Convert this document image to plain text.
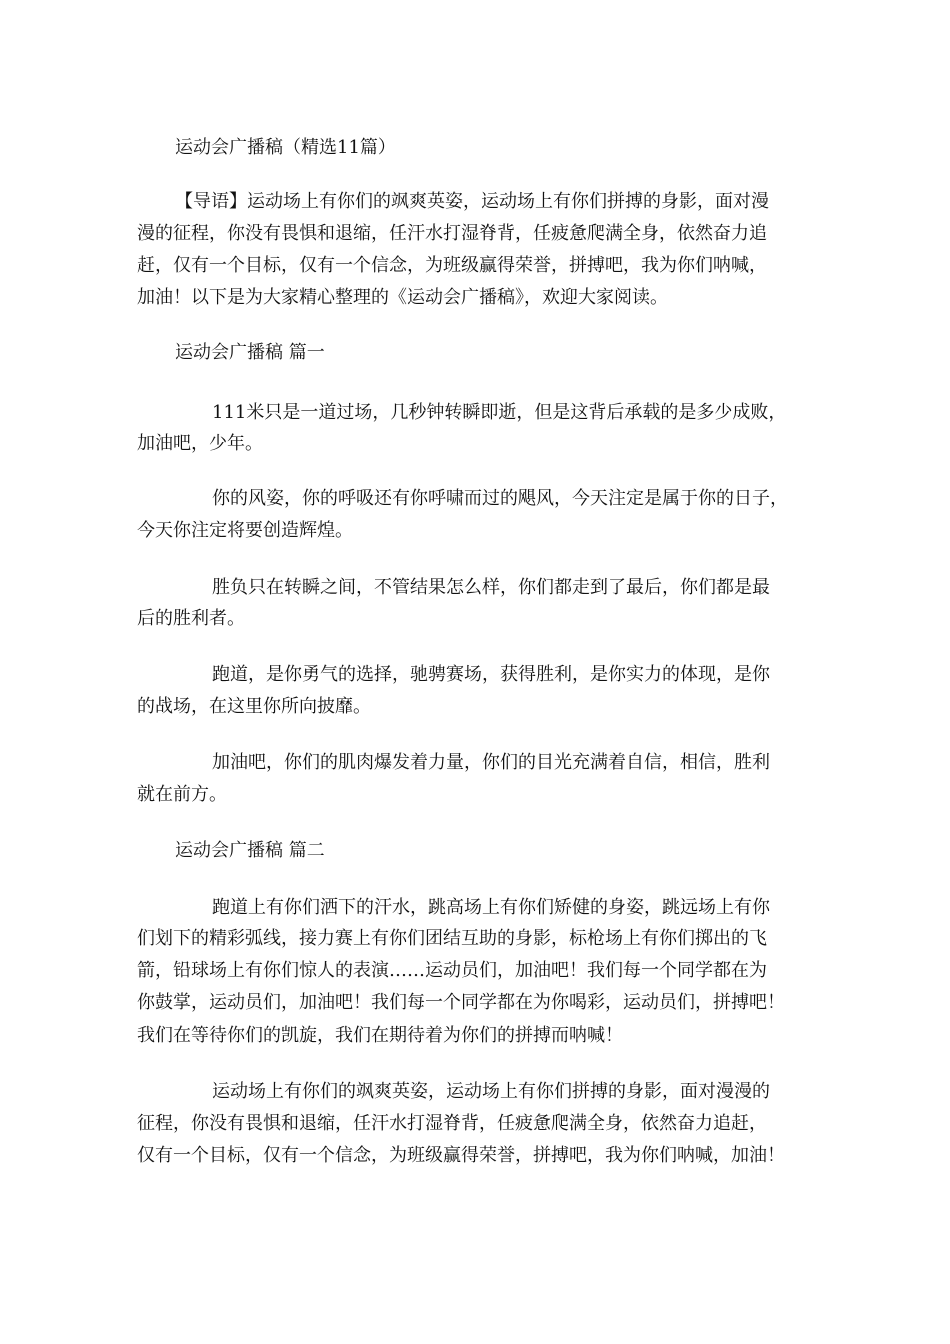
运动会广播稿（精选11篇）

【导语】运动场上有你们的飒爽英姿，运动场上有你们拼搏的身影，面对漫

漫的征程，你没有畏惧和退缩，任汗水打湿脊背，任疲惫爬满全身，依然奋力追

赶，仅有一个目标，仅有一个信念，为班级赢得荣誉，拼搏吧，我为你们呐喊，

加油！以下是为大家精心整理的《运动会广播稿》，欢迎大家阅读。

运动会广播稿 篇一

111米只是一道过场，几秒钟转瞬即逝，但是这背后承载的是多少成败，

加油吧，少年。

你的风姿，你的呼吸还有你呼啸而过的飓风，今天注定是属于你的日子，

今天你注定将要创造辉煌。

胜负只在转瞬之间，不管结果怎么样，你们都走到了最后，你们都是最

后的胜利者。

跑道，是你勇气的选择，驰骋赛场，获得胜利，是你实力的体现，是你

的战场，在这里你所向披靡。

加油吧，你们的肌肉爆发着力量，你们的目光充满着自信，相信，胜利

就在前方。

运动会广播稿 篇二

跑道上有你们洒下的汗水，跳高场上有你们矫健的身姿，跳远场上有你

们划下的精彩弧线，接力赛上有你们团结互助的身影，标枪场上有你们掷出的飞

箭，铅球场上有你们惊人的表演……运动员们，加油吧！我们每一个同学都在为

你鼓掌，运动员们，加油吧！我们每一个同学都在为你喝彩，运动员们，拼搏吧！

我们在等待你们的凯旋，我们在期待着为你们的拼搏而呐喊！

运动场上有你们的飒爽英姿，运动场上有你们拼搏的身影，面对漫漫的

征程，你没有畏惧和退缩，任汗水打湿脊背，任疲惫爬满全身，依然奋力追赶，

仅有一个目标，仅有一个信念，为班级赢得荣誉，拼搏吧，我为你们呐喊，加油！
